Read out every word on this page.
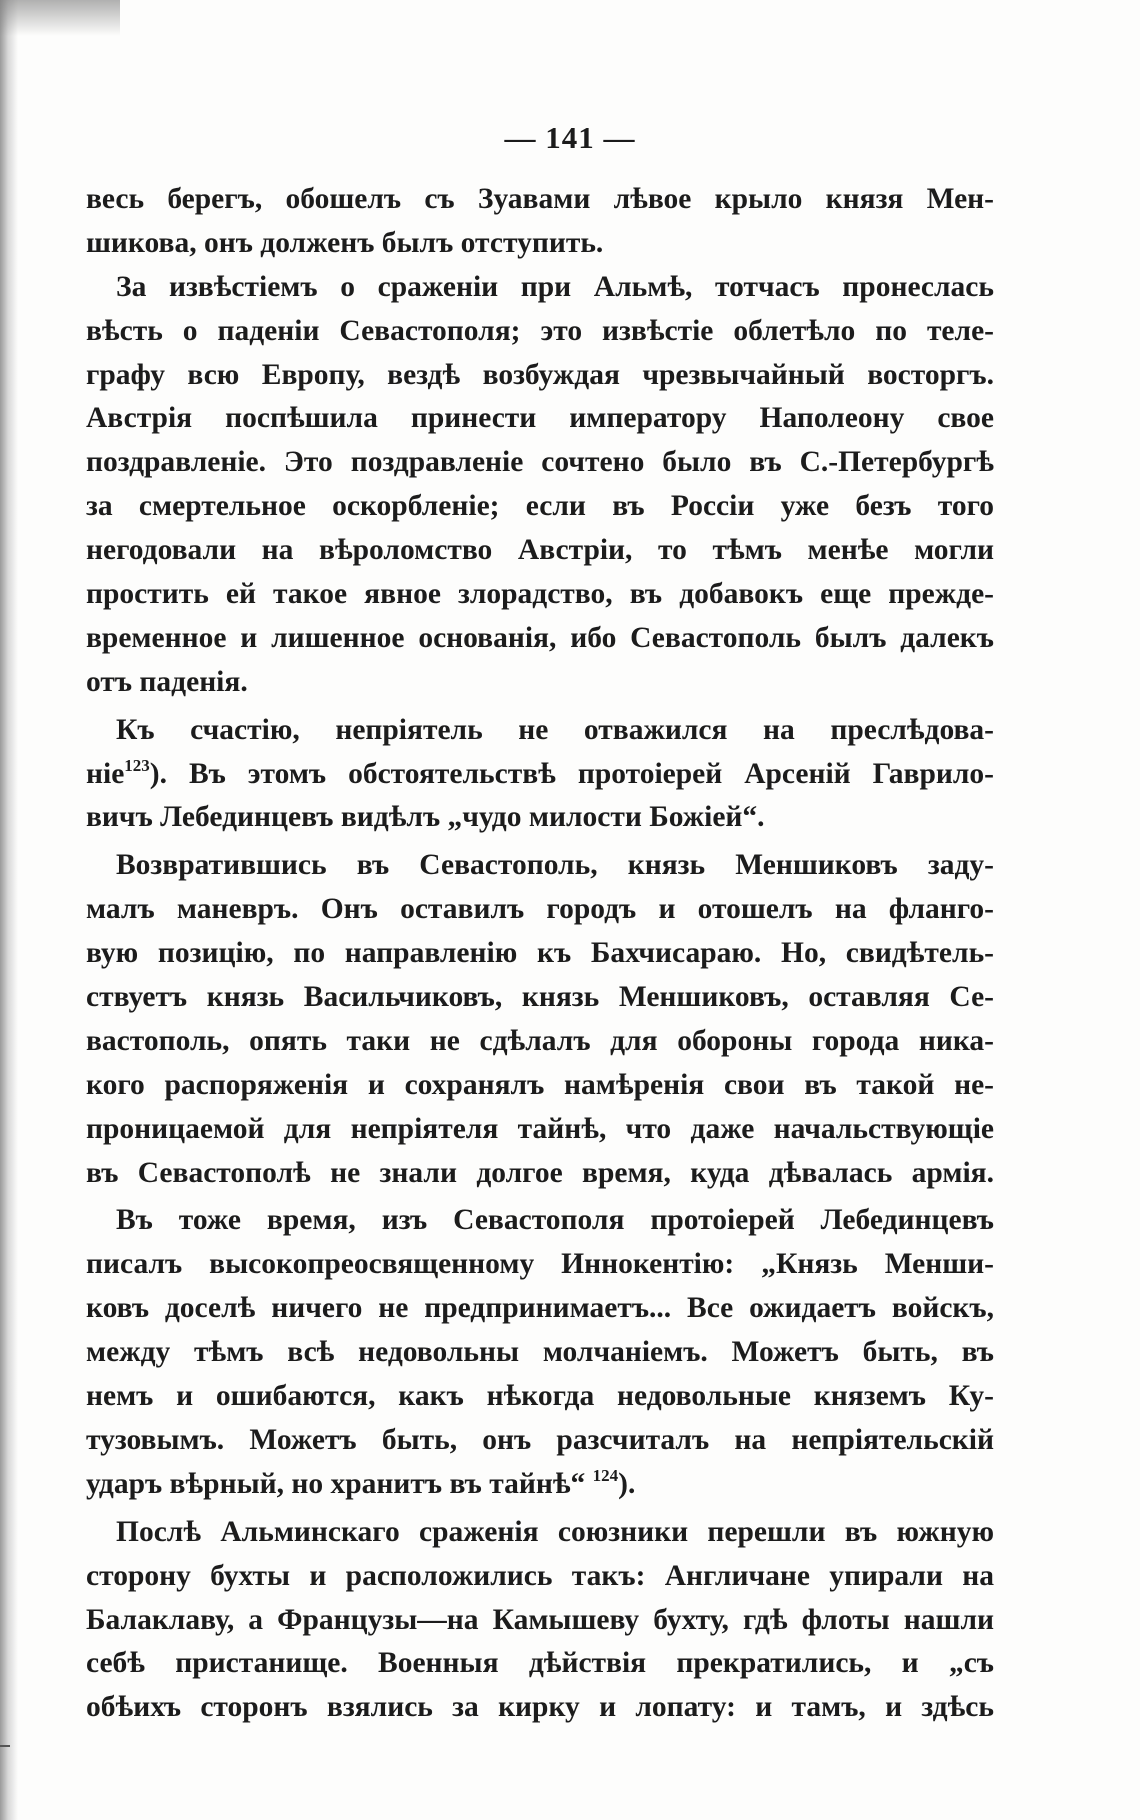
— 141 —
весь берегъ, обошелъ съ Зуавами лѣвое крыло князя Мен-
шикова, онъ долженъ былъ отступить.
За извѣстіемъ о сраженіи при Альмѣ, тотчасъ пронеслась
вѣсть о паденіи Севастополя; это извѣстіе облетѣло по теле-
графу всю Европу, вездѣ возбуждая чрезвычайный восторгъ.
Австрія поспѣшила принести императору Наполеону свое
поздравленіе. Это поздравленіе сочтено было въ С.-Петербургѣ
за смертельное оскорбленіе; если въ Россіи уже безъ того
негодовали на вѣроломство Австріи, то тѣмъ менѣе могли
простить ей такое явное злорадство, въ добавокъ еще прежде-
временное и лишенное основанія, ибо Севастополь былъ далекъ
отъ паденія.
Къ счастію, непріятель не отважился на преслѣдова-
ніе$^{123}$). Въ этомъ обстоятельствѣ протоіерей Арсеній Гаврило-
вичъ Лебединцевъ видѣлъ „чудо милости Божіей“.
Возвратившись въ Севастополь, князь Меншиковъ заду-
малъ маневръ. Онъ оставилъ городъ и отошелъ на фланго-
вую позицію, по направленію къ Бахчисараю. Но, свидѣтель-
ствуетъ князь Васильчиковъ, князь Меншиковъ, оставляя Се-
вастополь, опять таки не сдѣлалъ для обороны города ника-
кого распоряженія и сохранялъ намѣренія свои въ такой не-
проницаемой для непріятеля тайнѣ, что даже начальствующіе
въ Севастополѣ не знали долгое время, куда дѣвалась армія.
Въ тоже время, изъ Севастополя протоіерей Лебединцевъ
писалъ высокопреосвященному Иннокентію: „Князь Менши-
ковъ доселѣ ничего не предпринимаетъ... Все ожидаетъ войскъ,
между тѣмъ всѣ недовольны молчаніемъ. Можетъ быть, въ
немъ и ошибаются, какъ нѣкогда недовольные княземъ Ку-
тузовымъ. Можетъ быть, онъ разсчиталъ на непріятельскій
ударъ вѣрный, но хранитъ въ тайнѣ“ $^{124}$).
Послѣ Альминскаго сраженія союзники перешли въ южную
сторону бухты и расположились такъ: Англичане упирали на
Балаклаву, а Французы—на Камышеву бухту, гдѣ флоты нашли
себѣ пристанище. Военныя дѣйствія прекратились, и „съ
обѣихъ сторонъ взялись за кирку и лопату: и тамъ, и здѣсь
